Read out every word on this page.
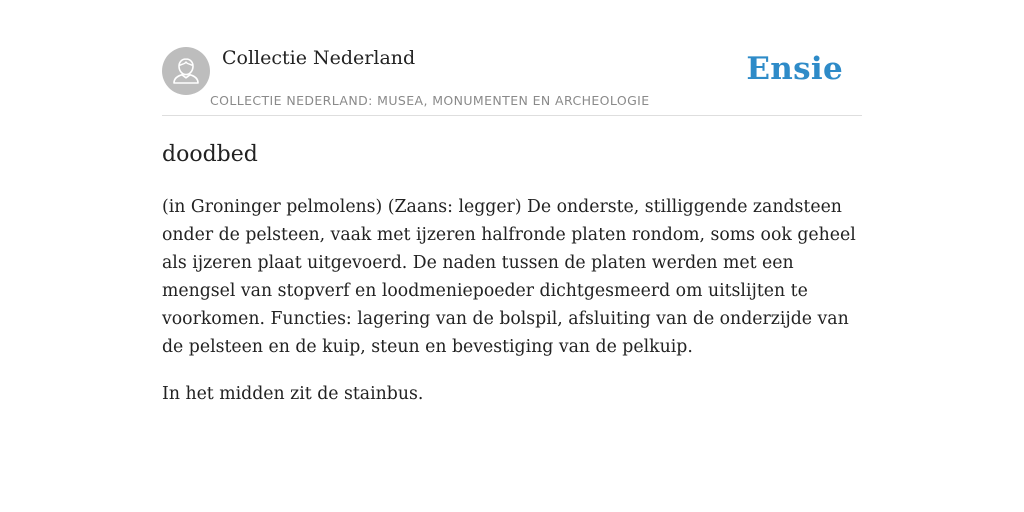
Collectie Nederland
COLLECTIE NEDERLAND: MUSEA, MONUMENTEN EN ARCHEOLOGIE
Ensie
doodbed

(in Groninger pelmolens) (Zaans: legger) De onderste, stilliggende zandsteen onder de pelsteen, vaak met ijzeren halfronde platen rondom, soms ook geheel als ijzeren plaat uitgevoerd. De naden tussen de platen werden met een mengsel van stopverf en loodmeniepoeder dichtgesmeerd om uitslijten te voorkomen. Functies: lagering van de bolspil, afsluiting van de onderzijde van de pelsteen en de kuip, steun en bevestiging van de pelkuip.

In het midden zit de stainbus.
